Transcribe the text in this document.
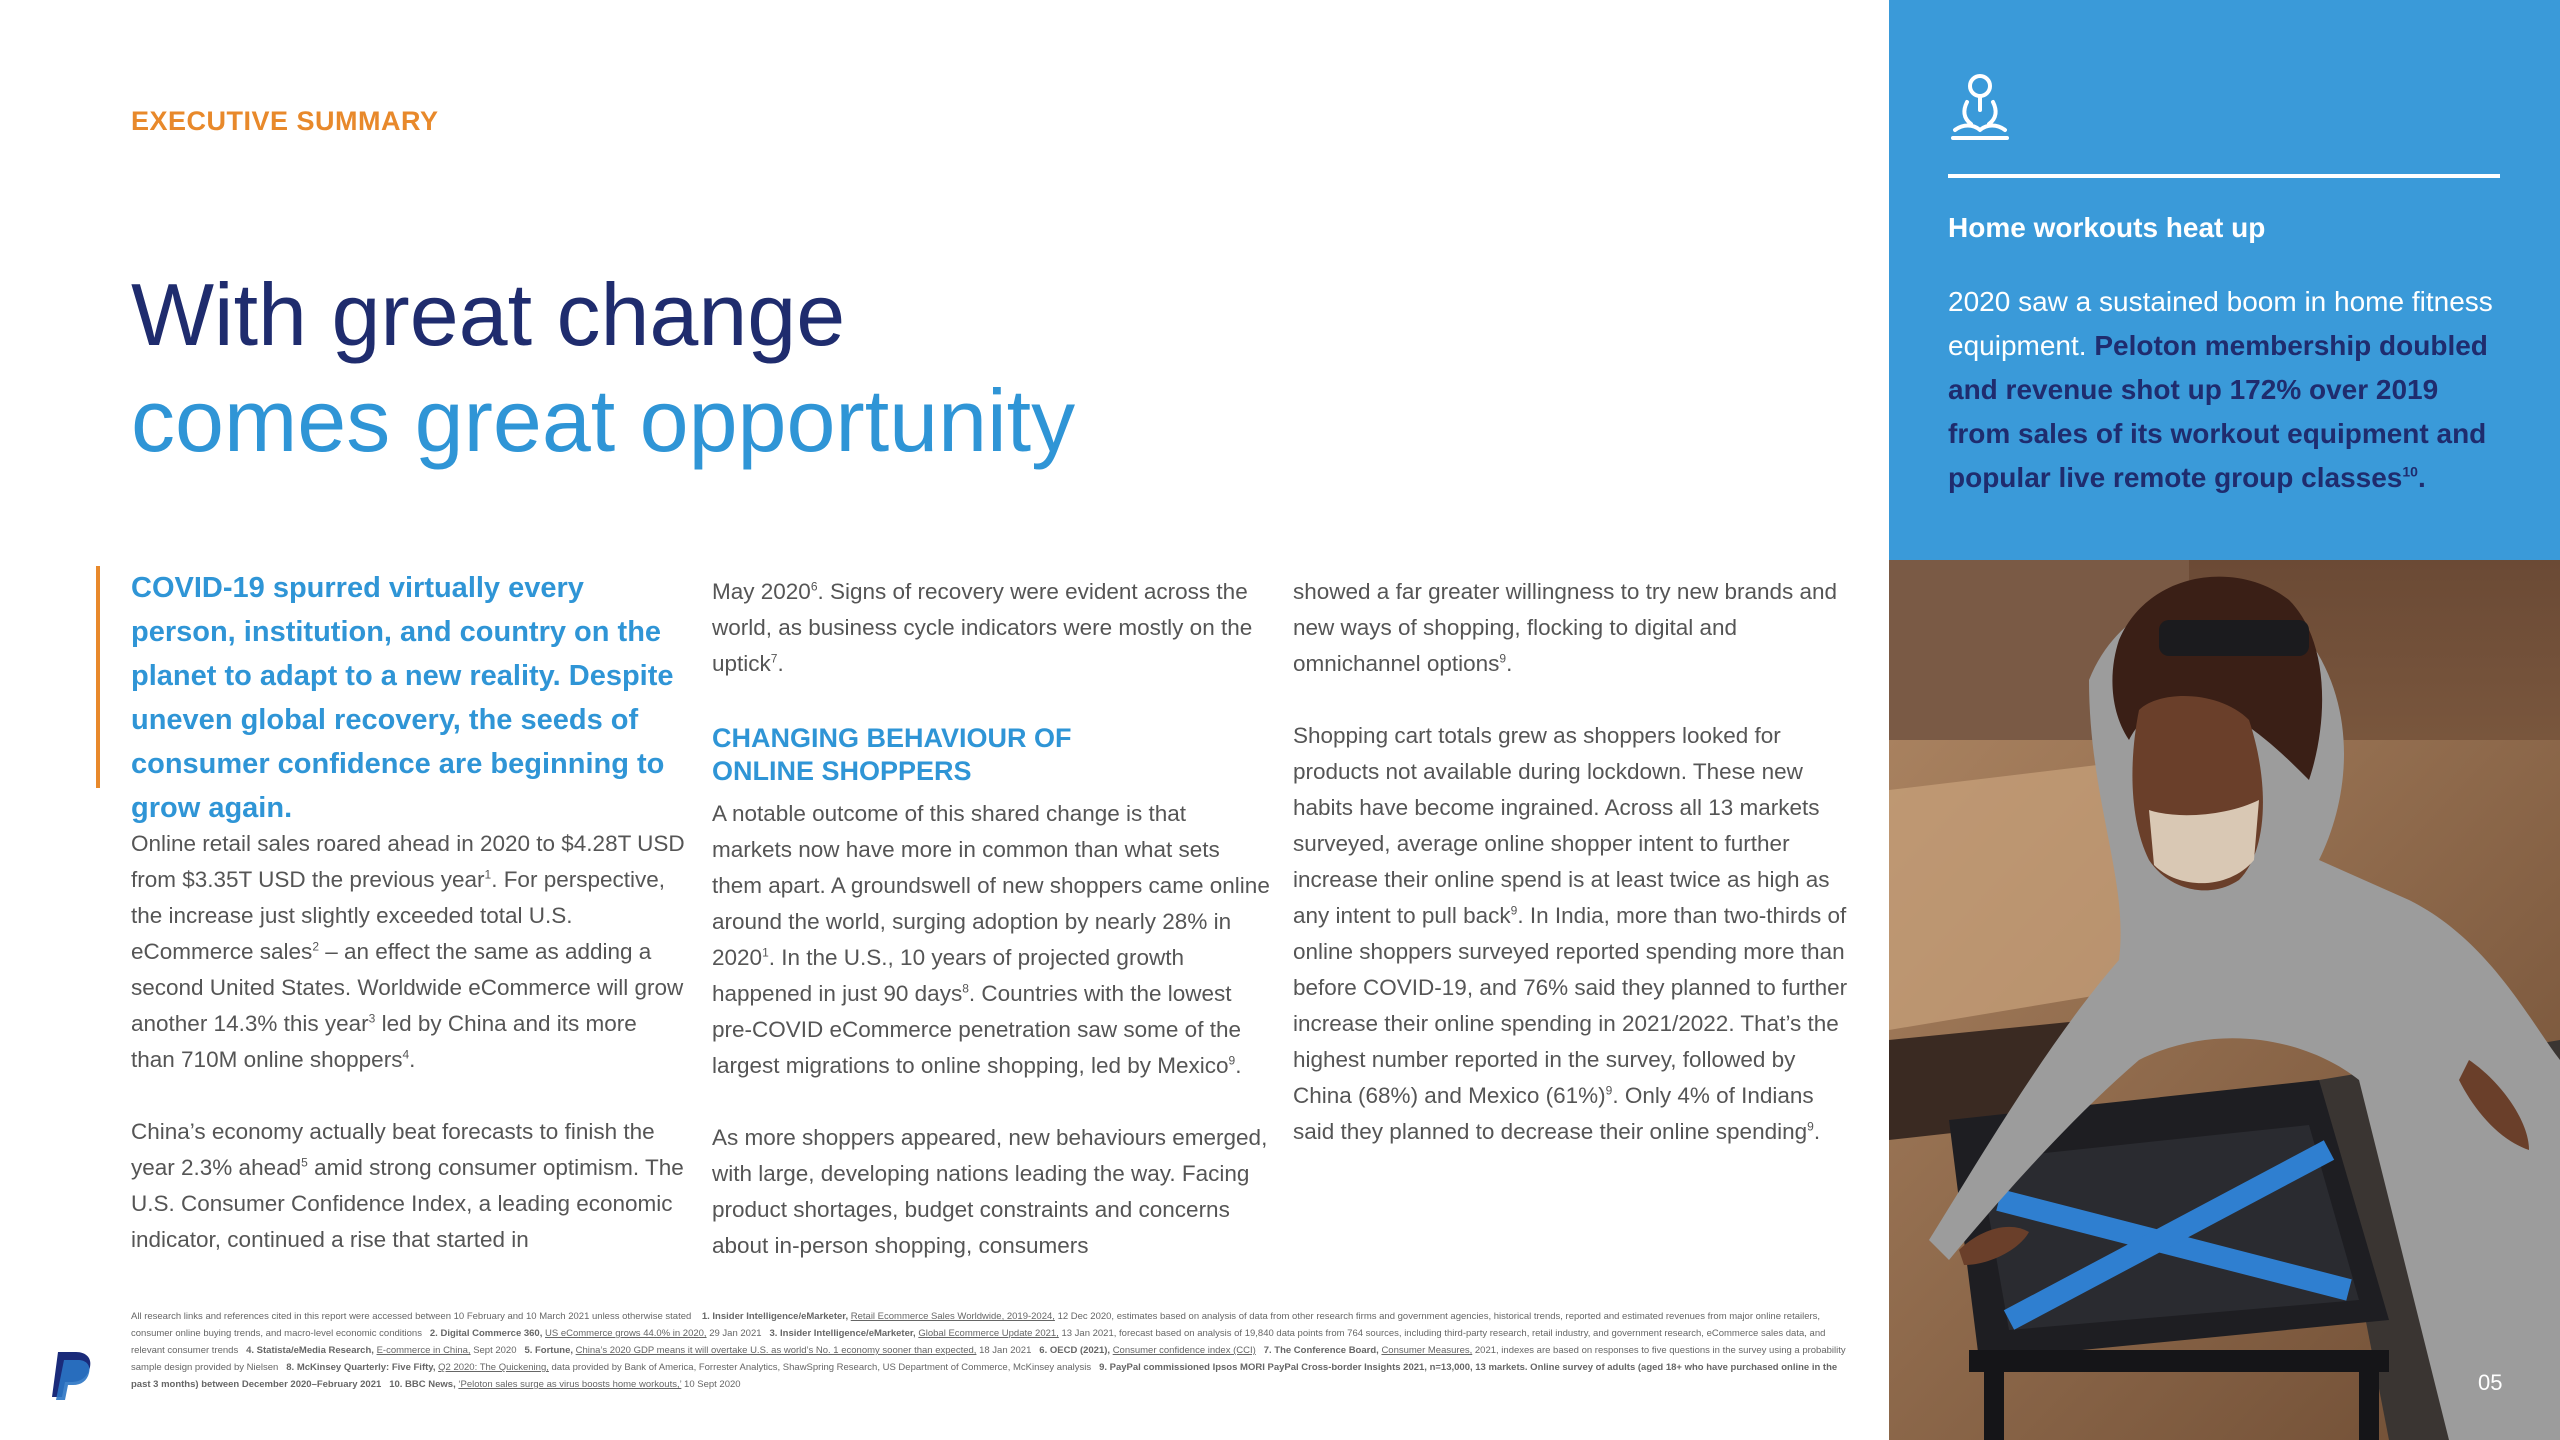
EXECUTIVE SUMMARY
With great change
comes great opportunity
COVID-19 spurred virtually every person, institution, and country on the planet to adapt to a new reality. Despite uneven global recovery, the seeds of consumer confidence are beginning to grow again.

Online retail sales roared ahead in 2020 to $4.28T USD from $3.35T USD the previous year$^1$. For perspective, the increase just slightly exceeded total U.S. eCommerce sales$^2$ – an effect the same as adding a second United States. Worldwide eCommerce will grow another 14.3% this year$^3$ led by China and its more than 710M online shoppers$^4$.

China’s economy actually beat forecasts to finish the year 2.3% ahead$^5$ amid strong consumer optimism. The U.S. Consumer Confidence Index, a leading economic indicator, continued a rise that started in

May 2020$^6$. Signs of recovery were evident across the world, as business cycle indicators were mostly on the uptick$^7$.

CHANGING BEHAVIOUR OF ONLINE SHOPPERS

A notable outcome of this shared change is that markets now have more in common than what sets them apart. A groundswell of new shoppers came online around the world, surging adoption by nearly 28% in 2020$^1$. In the U.S., 10 years of projected growth happened in just 90 days$^8$. Countries with the lowest pre-COVID eCommerce penetration saw some of the largest migrations to online shopping, led by Mexico$^9$.

As more shoppers appeared, new behaviours emerged, with large, developing nations leading the way. Facing product shortages, budget constraints and concerns about in-person shopping, consumers

showed a far greater willingness to try new brands and new ways of shopping, flocking to digital and omnichannel options$^9$.

Shopping cart totals grew as shoppers looked for products not available during lockdown. These new habits have become ingrained. Across all 13 markets surveyed, average online shopper intent to further increase their online spend is at least twice as high as any intent to pull back$^9$. In India, more than two-thirds of online shoppers surveyed reported spending more than before COVID-19, and 76% said they planned to further increase their online spending in 2021/2022. That’s the highest number reported in the survey, followed by China (68%) and Mexico $(61\%)^9$. Only 4% of Indians said they planned to decrease their online spending$^9$.

All research links and references cited in this report were accessed between 10 February and 10 March 2021 unless otherwise stated 1. Insider Intelligence/eMarketer, Retail Ecommerce Sales Worldwide, 2019-2024, 12 Dec 2020, estimates based on analysis of data from other research firms and government agencies, historical trends, reported and estimated revenues from major online retailers, consumer online buying trends, and macro-level economic conditions 2. Digital Commerce 360, US eCommerce grows 44.0% in 2020, 29 Jan 2021 3. Insider Intelligence/eMarketer, Global Ecommerce Update 2021, 13 Jan 2021, forecast based on analysis of 19,840 data points from 764 sources, including third-party research, retail industry, and government research, eCommerce sales data, and relevant consumer trends 4. Statista/eMedia Research, E-commerce in China, Sept 2020 5. Fortune, China’s 2020 GDP means it will overtake U.S. as world’s No. 1 economy sooner than expected, 18 Jan 2021 6. OECD (2021), Consumer confidence index (CCI) 7. The Conference Board, Consumer Measures, 2021, indexes are based on responses to five questions in the survey using a probability sample design provided by Nielsen 8. McKinsey Quarterly: Five Fifty, Q2 2020: The Quickening, data provided by Bank of America, Forrester Analytics, ShawSpring Research, US Department of Commerce, McKinsey analysis 9. PayPal commissioned Ipsos MORI PayPal Cross-border Insights 2021, n=13,000, 13 markets. Online survey of adults (aged 18+ who have purchased online in the past 3 months) between December 2020–February 2021 10. BBC News, ‘Peloton sales surge as virus boosts home workouts,’ 10 Sept 2020
Home workouts heat up
2020 saw a sustained boom in home fitness equipment. Peloton membership doubled and revenue shot up 172% over 2019 from sales of its workout equipment and popular live remote group classes$^{10}$.
05
